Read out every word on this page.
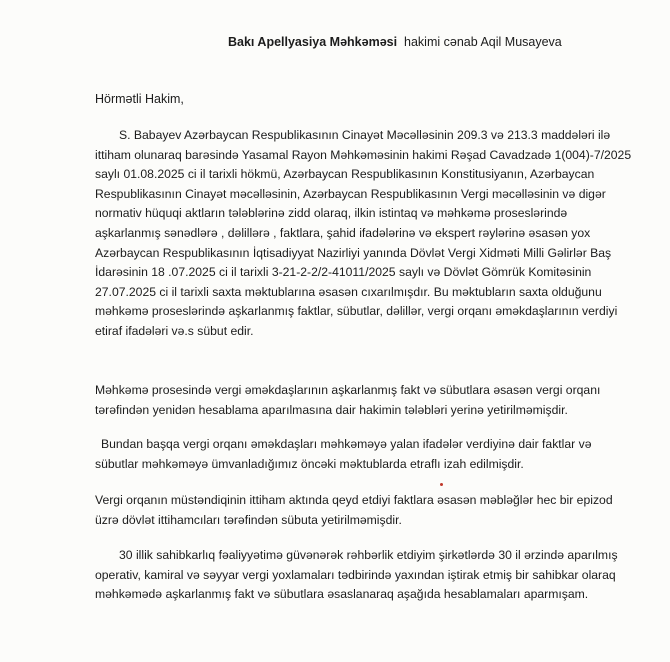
Bakı Apellyasiya Məhkəməsi hakimi cənab Aqil Musayeva
Hörmətli Hakim,
S. Babayev Azərbaycan Respublikasının Cinayət Məcəlləsinin 209.3 və 213.3 maddələri ilə
ittiham olunaraq barəsində Yasamal Rayon Məhkəməsinin hakimi Rəşad Cavadzadə 1(004)-7/2025
saylı 01.08.2025 ci il tarixli hökmü, Azərbaycan Respublikasının Konstitusiyanın, Azərbaycan
Respublikasının Cinayət məcəlləsinin, Azərbaycan Respublikasının Vergi məcəlləsinin və digər
normativ hüquqi aktların tələblərinə zidd olaraq, ilkin istintaq və məhkəmə proseslərində
aşkarlanmış sənədlərə , dəlillərə , faktlara, şahid ifadələrinə və ekspert rəylərinə əsasən yox
Azərbaycan Respublikasının İqtisadiyyat Nazirliyi yanında Dövlət Vergi Xidməti Milli Gəlirlər Baş
İdarəsinin 18 .07.2025 ci il tarixli 3-21-2-2/2-41011/2025 saylı və Dövlət Gömrük Komitəsinin
27.07.2025 ci il tarixli saxta məktublarına əsasən cıxarılmışdır. Bu məktubların saxta olduğunu
məhkəmə proseslərində aşkarlanmış faktlar, sübutlar, dəlillər, vergi orqanı əməkdaşlarının verdiyi
etiraf ifadələri və.s sübut edir.
Məhkəmə prosesində vergi əməkdaşlarının aşkarlanmış fakt və sübutlara əsasən vergi orqanı
tərəfindən yenidən hesablama aparılmasına dair hakimin tələbləri yerinə yetirilməmişdir.
Bundan başqa vergi orqanı əməkdaşları məhkəməyə yalan ifadələr verdiyinə dair faktlar və
sübutlar məhkəməyə ümvanladığımız öncəki məktublarda etraflı izah edilmişdir.
Vergi orqanın müstəndiqinin ittiham aktında qeyd etdiyi faktlara əsasən məbləğlər hec bir epizod
üzrə dövlət ittihamcıları tərəfindən sübuta yetirilməmişdir.
30 illik sahibkarlıq fəaliyyətimə güvənərək rəhbərlik etdiyim şirkətlərdə 30 il ərzində aparılmış
operativ, kamiral və səyyar vergi yoxlamaları tədbirində yaxından iştirak etmiş bir sahibkar olaraq
məhkəmədə aşkarlanmış fakt və sübutlara əsaslanaraq aşağıda hesablamaları aparmışam.
